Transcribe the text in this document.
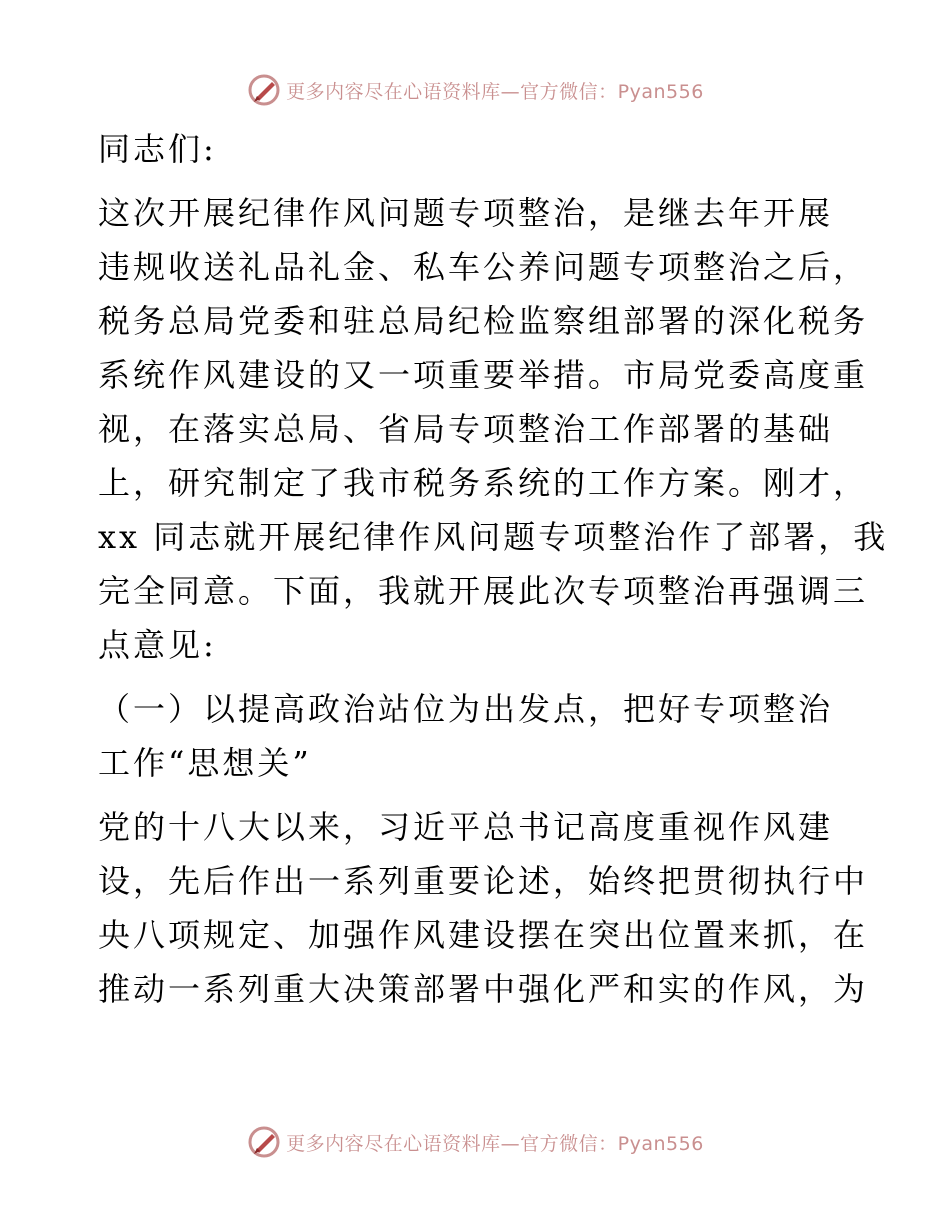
更多内容尽在心语资料库—官方微信：Pyan556
同志们:
这次开展纪律作风问题专项整治，是继去年开展
违规收送礼品礼金、私车公养问题专项整治之后，
税务总局党委和驻总局纪检监察组部署的深化税务
系统作风建设的又一项重要举措。市局党委高度重
视，在落实总局、省局专项整治工作部署的基础
上，研究制定了我市税务系统的工作方案。刚才，
xx 同志就开展纪律作风问题专项整治作了部署，我
完全同意。下面，我就开展此次专项整治再强调三
点意见:
（一）以提高政治站位为出发点，把好专项整治
工作“思想关”
党的十八大以来，习近平总书记高度重视作风建
设，先后作出一系列重要论述，始终把贯彻执行中
央八项规定、加强作风建设摆在突出位置来抓，在
推动一系列重大决策部署中强化严和实的作风，为
更多内容尽在心语资料库—官方微信：Pyan556
